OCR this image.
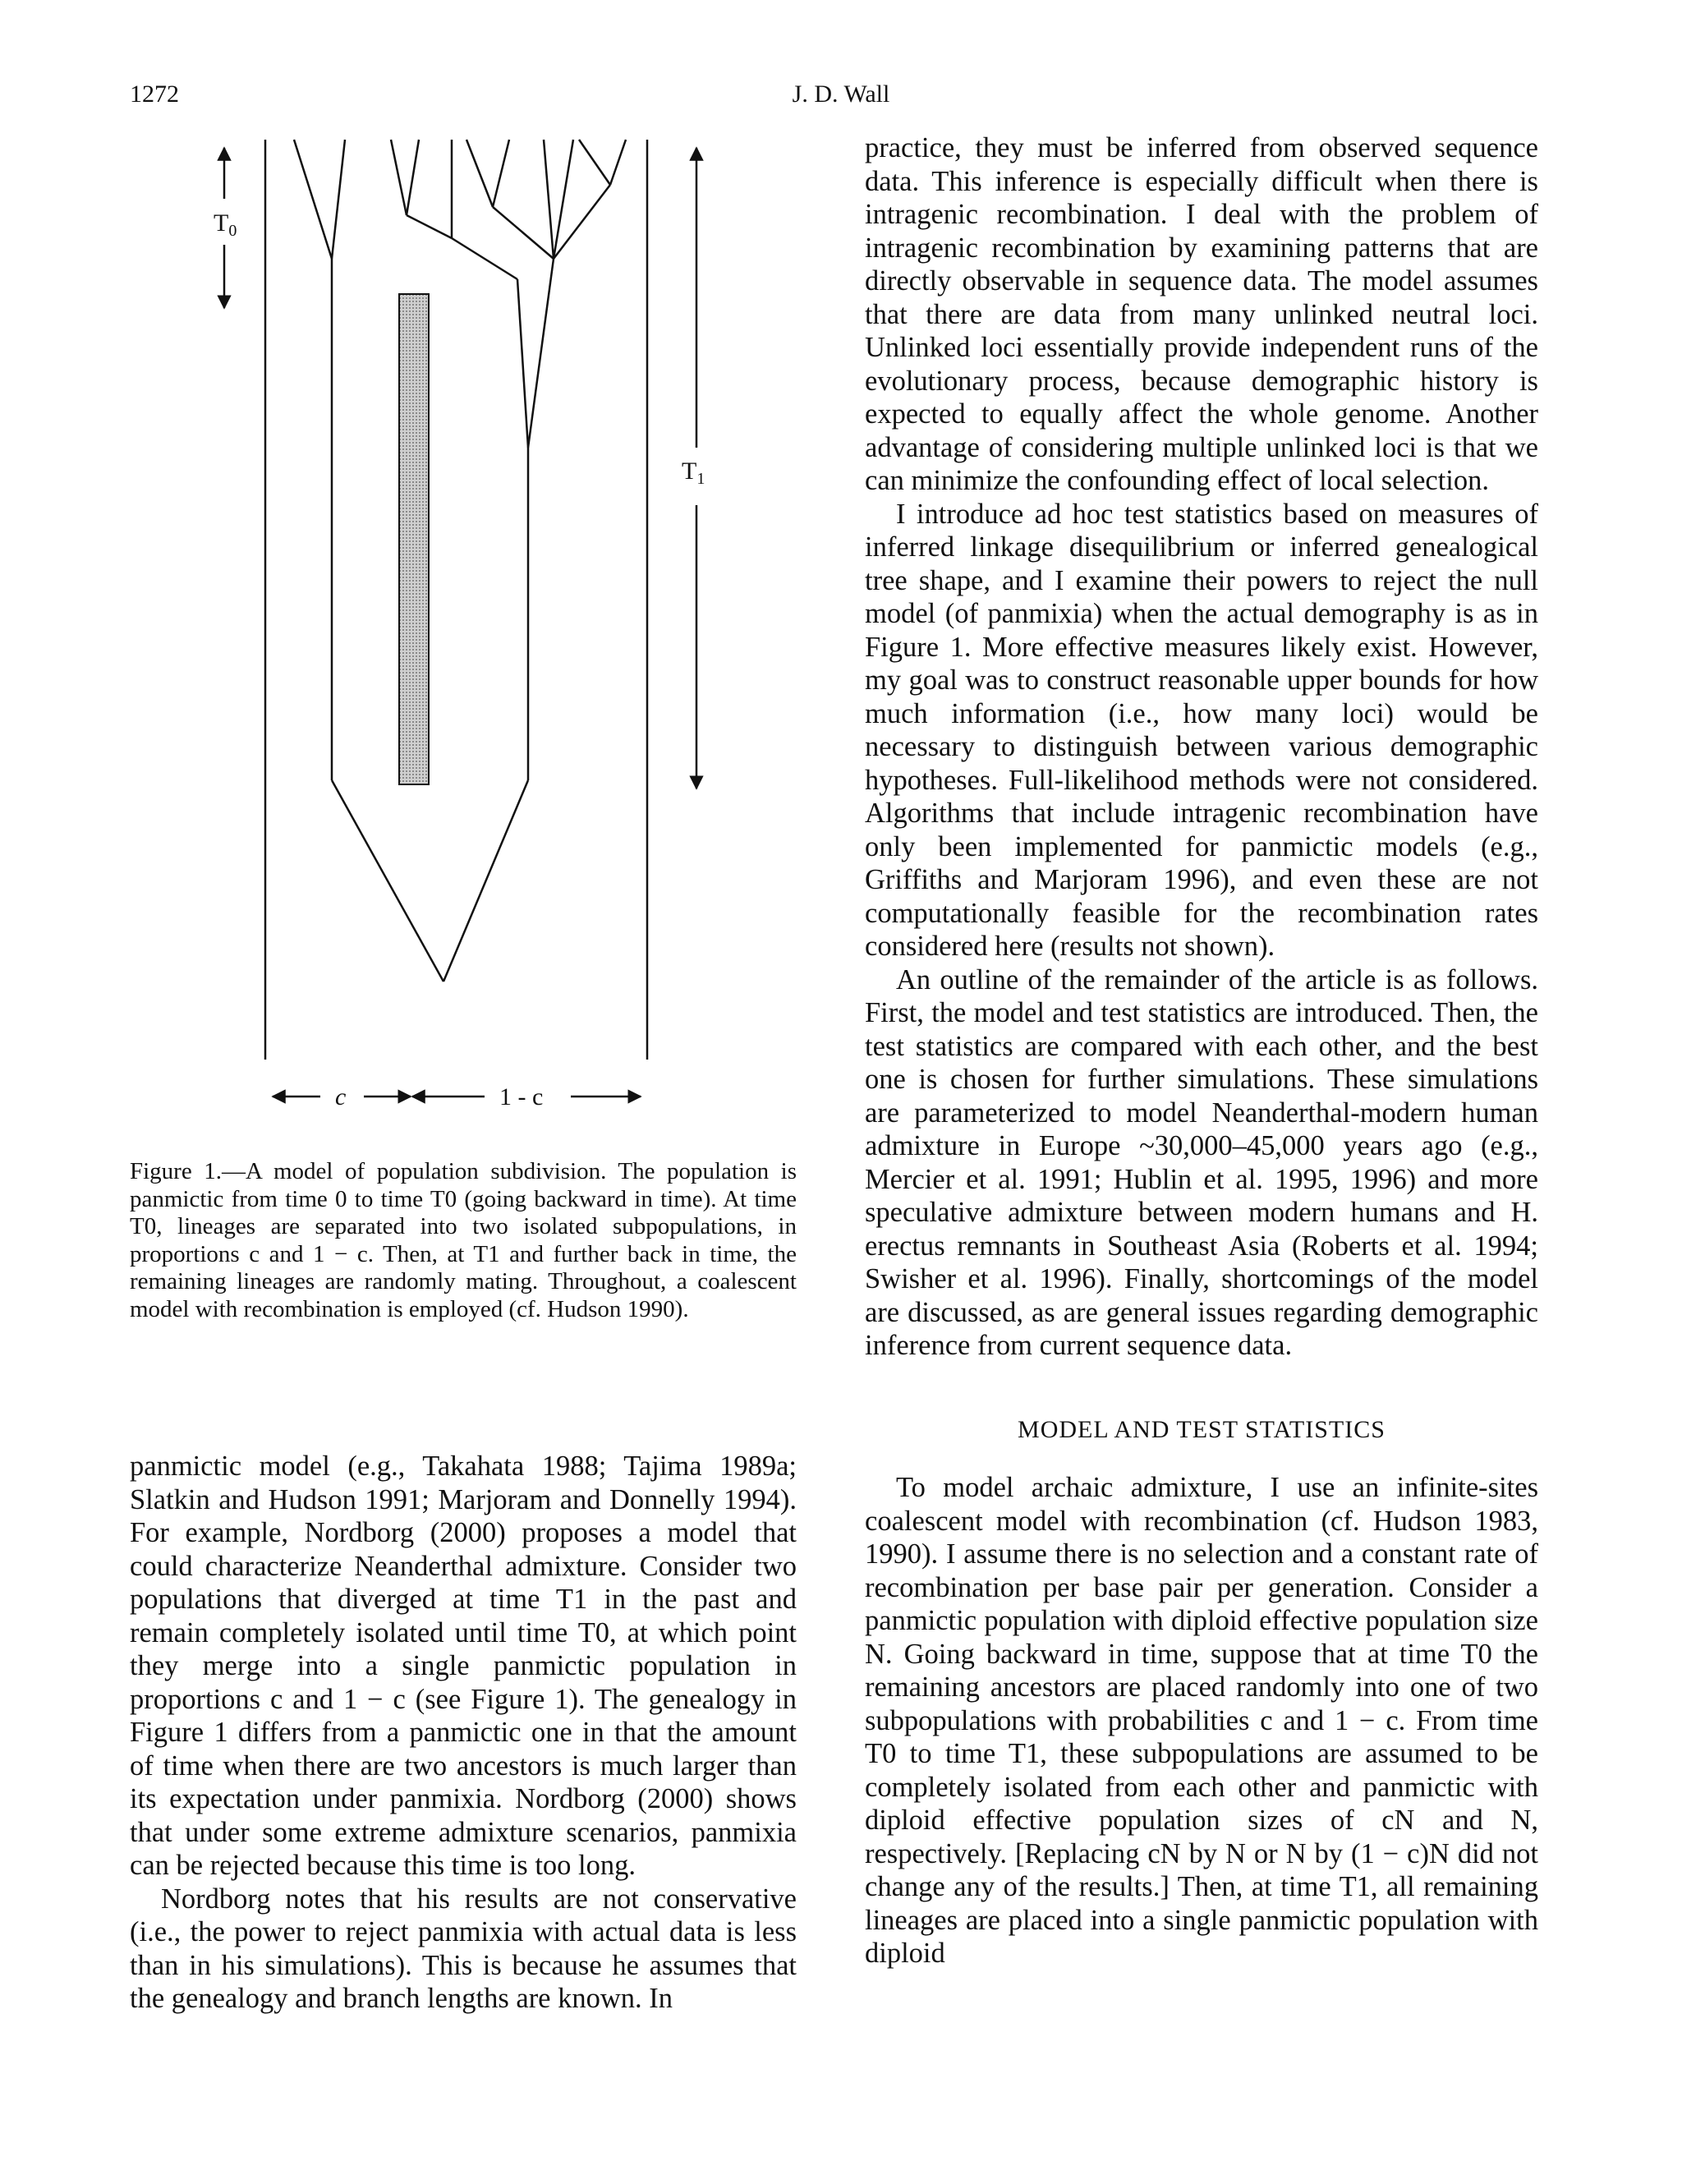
1272	J. D. Wall
$T_0$
$T_1$
c	1 - c
Figure 1.—A model of population subdivision. The population is panmictic from time 0 to time T0 (going backward in time). At time T0, lineages are separated into two isolated subpopulations, in proportions c and 1 − c. Then, at T1 and further back in time, the remaining lineages are randomly mating. Throughout, a coalescent model with recombination is employed (cf. Hudson 1990).

panmictic model (e.g., Takahata 1988; Tajima 1989a; Slatkin and Hudson 1991; Marjoram and Donnelly 1994). For example, Nordborg (2000) proposes a model that could characterize Neanderthal admixture. Consider two populations that diverged at time T1 in the past and remain completely isolated until time T0, at which point they merge into a single panmictic population in proportions c and 1 − c (see Figure 1). The genealogy in Figure 1 differs from a panmictic one in that the amount of time when there are two ancestors is much larger than its expectation under panmixia. Nordborg (2000) shows that under some extreme admixture scenarios, panmixia can be rejected because this time is too long.

Nordborg notes that his results are not conservative (i.e., the power to reject panmixia with actual data is less than in his simulations). This is because he assumes that the genealogy and branch lengths are known. In

practice, they must be inferred from observed sequence data. This inference is especially difficult when there is intragenic recombination. I deal with the problem of intragenic recombination by examining patterns that are directly observable in sequence data. The model assumes that there are data from many unlinked neutral loci. Unlinked loci essentially provide independent runs of the evolutionary process, because demographic history is expected to equally affect the whole genome. Another advantage of considering multiple unlinked loci is that we can minimize the confounding effect of local selection.

I introduce ad hoc test statistics based on measures of inferred linkage disequilibrium or inferred genealogical tree shape, and I examine their powers to reject the null model (of panmixia) when the actual demography is as in Figure 1. More effective measures likely exist. However, my goal was to construct reasonable upper bounds for how much information (i.e., how many loci) would be necessary to distinguish between various demographic hypotheses. Full-likelihood methods were not considered. Algorithms that include intragenic recombination have only been implemented for panmictic models (e.g., Griffiths and Marjoram 1996), and even these are not computationally feasible for the recombination rates considered here (results not shown).

An outline of the remainder of the article is as follows. First, the model and test statistics are introduced. Then, the test statistics are compared with each other, and the best one is chosen for further simulations. These simulations are parameterized to model Neanderthal-modern human admixture in Europe ~30,000–45,000 years ago (e.g., Mercier et al. 1991; Hublin et al. 1995, 1996) and more speculative admixture between modern humans and H. erectus remnants in Southeast Asia (Roberts et al. 1994; Swisher et al. 1996). Finally, shortcomings of the model are discussed, as are general issues regarding demographic inference from current sequence data.

MODEL AND TEST STATISTICS

To model archaic admixture, I use an infinite-sites coalescent model with recombination (cf. Hudson 1983, 1990). I assume there is no selection and a constant rate of recombination per base pair per generation. Consider a panmictic population with diploid effective population size N. Going backward in time, suppose that at time T0 the remaining ancestors are placed randomly into one of two subpopulations with probabilities c and 1 − c. From time T0 to time T1, these subpopulations are assumed to be completely isolated from each other and panmictic with diploid effective population sizes of cN and N, respectively. [Replacing cN by N or N by (1 − c)N did not change any of the results.] Then, at time T1, all remaining lineages are placed into a single panmictic population with diploid
